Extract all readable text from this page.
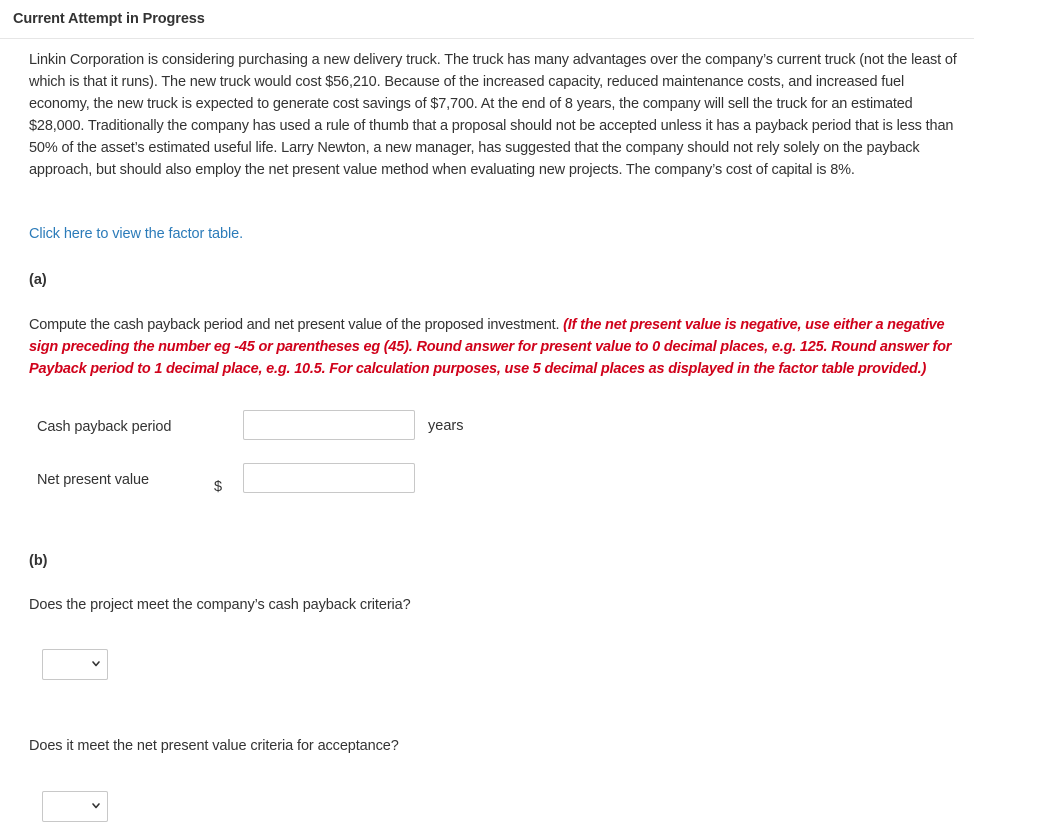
Current Attempt in Progress
Linkin Corporation is considering purchasing a new delivery truck. The truck has many advantages over the company’s current truck (not the least of which is that it runs). The new truck would cost $56,210. Because of the increased capacity, reduced maintenance costs, and increased fuel economy, the new truck is expected to generate cost savings of $7,700. At the end of 8 years, the company will sell the truck for an estimated $28,000. Traditionally the company has used a rule of thumb that a proposal should not be accepted unless it has a payback period that is less than 50% of the asset’s estimated useful life. Larry Newton, a new manager, has suggested that the company should not rely solely on the payback approach, but should also employ the net present value method when evaluating new projects. The company’s cost of capital is 8%.
Click here to view the factor table.
(a)
Compute the cash payback period and net present value of the proposed investment. (If the net present value is negative, use either a negative sign preceding the number eg -45 or parentheses eg (45). Round answer for present value to 0 decimal places, e.g. 125. Round answer for Payback period to 1 decimal place, e.g. 10.5. For calculation purposes, use 5 decimal places as displayed in the factor table provided.)
Cash payback period	years
Net present value	$
(b)
Does the project meet the company’s cash payback criteria?
Does it meet the net present value criteria for acceptance?
